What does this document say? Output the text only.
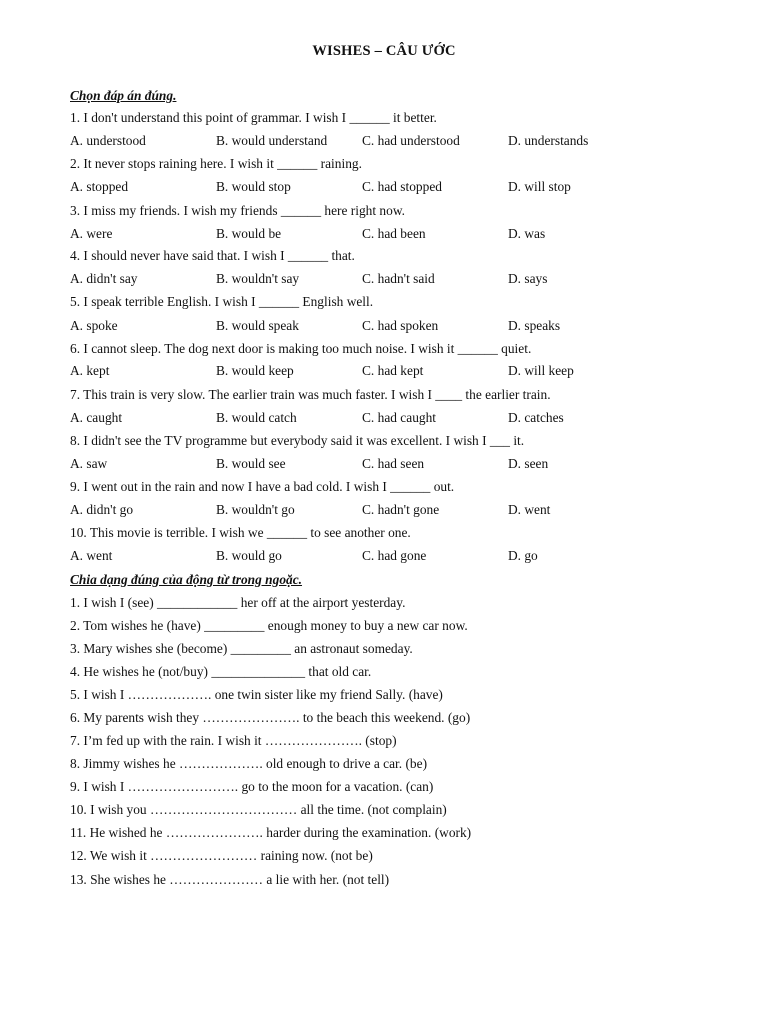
WISHES – CÂU ƯỚC
Chọn đáp án đúng.
1. I don't understand this point of grammar. I wish I ______ it better.
A. understood	B. would understand	C. had understood	D. understands
2. It never stops raining here. I wish it ______ raining.
A. stopped	B. would stop	C. had stopped	D. will stop
3. I miss my friends. I wish my friends ______ here right now.
A. were	B. would be	C. had been	D. was
4. I should never have said that. I wish I ______ that.
A. didn't say	B. wouldn't say	C. hadn't said	D. says
5. I speak terrible English. I wish I ______ English well.
A. spoke	B. would speak	C. had spoken	D. speaks
6. I cannot sleep. The dog next door is making too much noise. I wish it ______ quiet.
A. kept	B. would keep	C. had kept	D. will keep
7. This train is very slow. The earlier train was much faster. I wish I ____ the earlier train.
A. caught	B. would catch	C. had caught	D. catches
8. I didn't see the TV programme but everybody said it was excellent. I wish I ___ it.
A. saw	B. would see	C. had seen	D. seen
9. I went out in the rain and now I have a bad cold. I wish I ______ out.
A. didn't go	B. wouldn't go	C. hadn't gone	D. went
10. This movie is terrible. I wish we ______ to see another one.
A. went	B. would go	C. had gone	D. go
Chia dạng đúng của động từ trong ngoặc.
1. I wish I (see) ____________ her off at the airport yesterday.
2. Tom wishes he (have) _________ enough money to buy a new car now.
3. Mary wishes she (become) _________ an astronaut someday.
4. He wishes he (not/buy) ______________ that old car.
5. I wish I ………………. one twin sister like my friend Sally. (have)
6. My parents wish they …………………. to the beach this weekend. (go)
7. I’m fed up with the rain. I wish it …………………. (stop)
8. Jimmy wishes he ………………. old enough to drive a car. (be)
9. I wish I ……………………. go to the moon for a vacation. (can)
10. I wish you …………………………… all the time. (not complain)
11. He wished he …………………. harder during the examination. (work)
12. We wish it …………………… raining now. (not be)
13. She wishes he ………………… a lie with her. (not tell)
